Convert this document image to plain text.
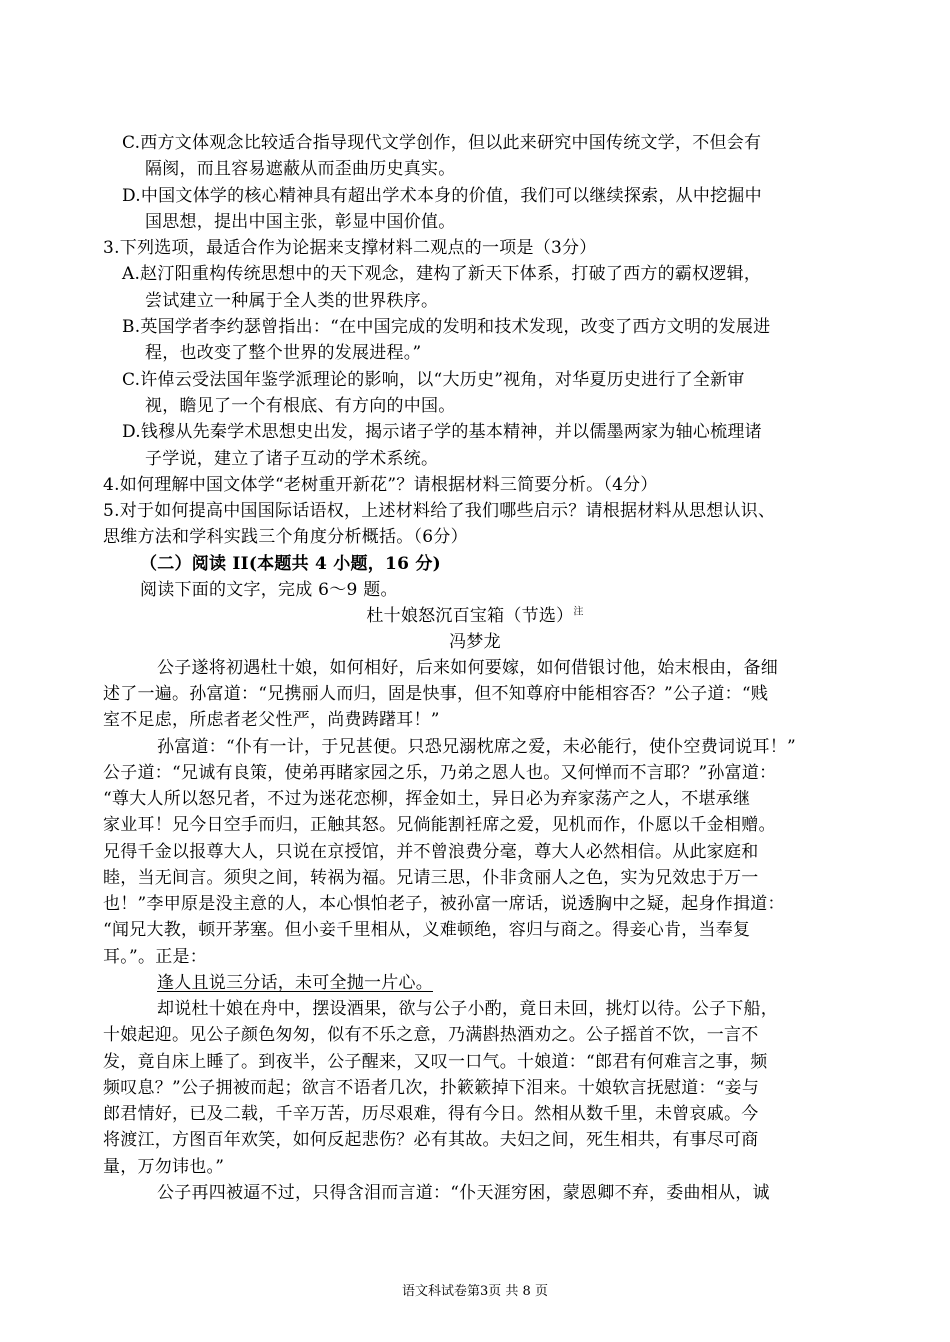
C.西方文体观念比较适合指导现代文学创作，但以此来研究中国传统文学，不但会有
隔阂，而且容易遮蔽从而歪曲历史真实。
D.中国文体学的核心精神具有超出学术本身的价值，我们可以继续探索，从中挖掘中
国思想，提出中国主张，彰显中国价值。
3.下列选项，最适合作为论据来支撑材料二观点的一项是（3分）
A.赵汀阳重构传统思想中的天下观念，建构了新天下体系，打破了西方的霸权逻辑，
尝试建立一种属于全人类的世界秩序。
B.英国学者李约瑟曾指出：“在中国完成的发明和技术发现，改变了西方文明的发展进
程，也改变了整个世界的发展进程。”
C.许倬云受法国年鉴学派理论的影响，以“大历史”视角，对华夏历史进行了全新审
视，瞻见了一个有根底、有方向的中国。
D.钱穆从先秦学术思想史出发，揭示诸子学的基本精神，并以儒墨两家为轴心梳理诸
子学说，建立了诸子互动的学术系统。
4.如何理解中国文体学“老树重开新花”？请根据材料三简要分析。（4分）
5.对于如何提高中国国际话语权，上述材料给了我们哪些启示？请根据材料从思想认识、
思维方法和学科实践三个角度分析概括。（6分）
（二）阅读 II(本题共 4 小题，16 分)
阅读下面的文字，完成 6～9 题。
杜十娘怒沉百宝箱（节选）$^注$
冯梦龙
公子遂将初遇杜十娘，如何相好，后来如何要嫁，如何借银讨他，始末根由，备细
述了一遍。孙富道：“兄携丽人而归，固是快事，但不知尊府中能相容否？”公子道：“贱
室不足虑，所虑者老父性严，尚费踌躇耳！”
孙富道：“仆有一计，于兄甚便。只恐兄溺枕席之爱，未必能行，使仆空费词说耳！”
公子道：“兄诚有良策，使弟再睹家园之乐，乃弟之恩人也。又何惮而不言耶？”孙富道：
“尊大人所以怒兄者，不过为迷花恋柳，挥金如土，异日必为弃家荡产之人，不堪承继
家业耳！兄今日空手而归，正触其怒。兄倘能割衽席之爱，见机而作，仆愿以千金相赠。
兄得千金以报尊大人，只说在京授馆，并不曾浪费分毫，尊大人必然相信。从此家庭和
睦，当无间言。须臾之间，转祸为福。兄请三思，仆非贪丽人之色，实为兄效忠于万一
也！”李甲原是没主意的人，本心惧怕老子，被孙富一席话，说透胸中之疑，起身作揖道：
“闻兄大教，顿开茅塞。但小妾千里相从，义难顿绝，容归与商之。得妾心肯，当奉复
耳。”。正是：
逢人且说三分话，未可全抛一片心。
却说杜十娘在舟中，摆设酒果，欲与公子小酌，竟日未回，挑灯以待。公子下船，
十娘起迎。见公子颜色匆匆，似有不乐之意，乃满斟热酒劝之。公子摇首不饮，一言不
发，竟自床上睡了。到夜半，公子醒来，又叹一口气。十娘道：“郎君有何难言之事，频
频叹息？”公子拥被而起；欲言不语者几次，扑簌簌掉下泪来。十娘软言抚慰道：“妾与
郎君情好，已及二载，千辛万苦，历尽艰难，得有今日。然相从数千里，未曾哀戚。今
将渡江，方图百年欢笑，如何反起悲伤？必有其故。夫妇之间，死生相共，有事尽可商
量，万勿讳也。”
公子再四被逼不过，只得含泪而言道：“仆天涯穷困，蒙恩卿不弃，委曲相从，诚
语文科试卷第3页 共 8 页
